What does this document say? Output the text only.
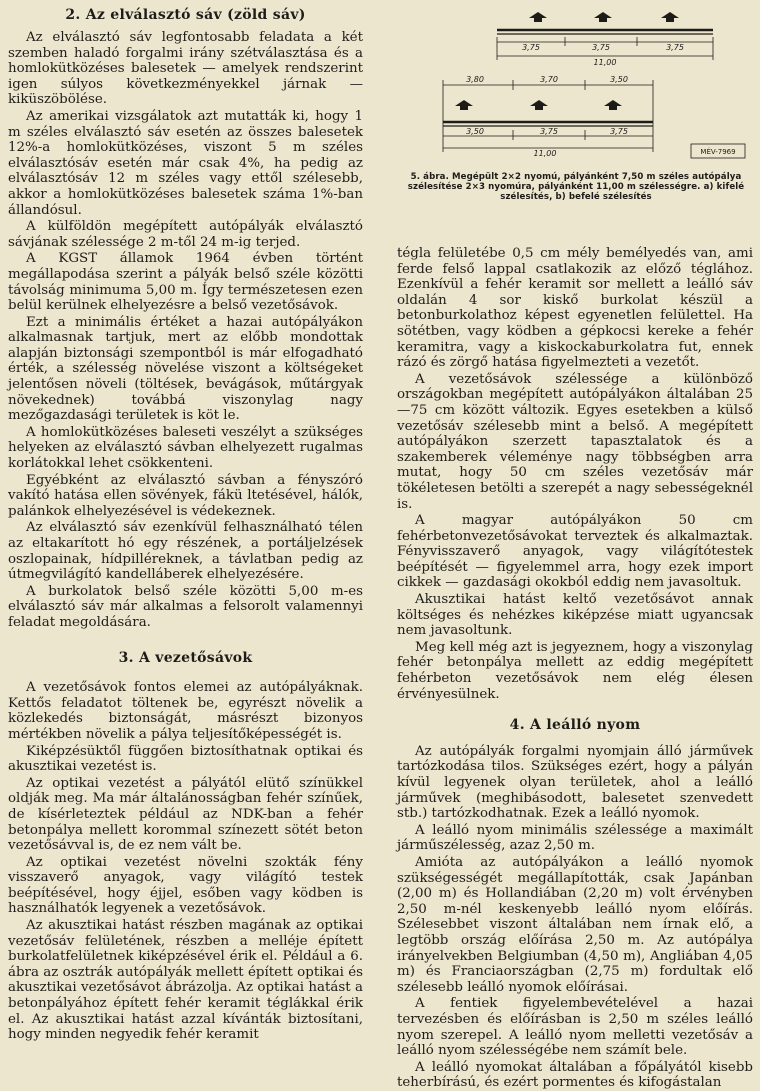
3,75	3,75	3,75
11,00
3,80	3,70	3,50
3,50	3,75	3,75
11,00	MÉV-7969
5. ábra. Megépült 2×2 nyomú, pályánként 7,50 m széles autópálya szélesítése 2×3 nyomúra, pályánként 11,00 m szélességre. a) kifelé szélesítés, b) befelé szélesítés
2. Az elválasztó sáv (zöld sáv)

Az elválasztó sáv legfontosabb feladata a két szemben haladó forgalmi irány szétválasztása és a homlokütközéses balesetek — amelyek rendszerint igen súlyos következményekkel járnak — kiküszöbölése.

Az amerikai vizsgálatok azt mutatták ki, hogy 1 m széles elválasztó sáv esetén az összes balesetek 12%-a homlokütközéses, viszont 5 m széles elválasztósáv esetén már csak 4%, ha pedig az elválasztósáv 12 m széles vagy ettől szélesebb, akkor a homlokütközéses balesetek száma 1%-ban állandósul.

A külföldön megépített autópályák elválasztó sávjának szélessége 2 m-től 24 m-ig terjed.

A KGST államok 1964 évben történt megállapodása szerint a pályák belső széle közötti távolság minimuma 5,00 m. Így természetesen ezen belül kerülnek elhelyezésre a belső vezetősávok.

Ezt a minimális értéket a hazai autópályákon alkalmasnak tartjuk, mert az előbb mondottak alapján biztonsági szempontból is már elfogadható érték, a szélesség növelése viszont a költségeket jelentősen növeli (töltések, bevágások, műtárgyak növekednek) továbbá viszonylag nagy mezőgazdasági területek is köt le.

A homlokütközéses baleseti veszélyt a szükséges helyeken az elválasztó sávban elhelyezett rugalmas korlátokkal lehet csökkenteni.

Egyébként az elválasztó sávban a fényszóró vakító hatása ellen sövények, fákü ltetésével, hálók, palánkok elhelyezésével is védekeznek.

Az elválasztó sáv ezenkívül felhasználható télen az eltakarított hó egy részének, a portáljelzések oszlopainak, hídpilléreknek, a távlatban pedig az útmegvilágító kandelláberek elhelyezésére.

A burkolatok belső széle közötti 5,00 m-es elválasztó sáv már alkalmas a felsorolt valamennyi feladat megoldására.

3. A vezetősávok

A vezetősávok fontos elemei az autópályáknak. Kettős feladatot töltenek be, egyrészt növelik a közlekedés biztonságát, másrészt bizonyos mértékben növelik a pálya teljesítőképességét is.

Kiképzésüktől függően biztosíthatnak optikai és akusztikai vezetést is.

Az optikai vezetést a pályától elütő színükkel oldják meg. Ma már általánosságban fehér színűek, de kísérleteztek például az NDK-ban a fehér betonpálya mellett korommal színezett sötét beton vezetősávval is, de ez nem vált be.

Az optikai vezetést növelni szokták fény visszaverő anyagok, vagy világító testek beépítésével, hogy éjjel, esőben vagy ködben is használhatók legyenek a vezetősávok.

Az akusztikai hatást részben magának az optikai vezetősáv felületének, részben a melléje épített burkolatfelületnek kiképzésével érik el. Például a 6. ábra az osztrák autópályák mellett épített optikai és akusztikai vezetősávot ábrázolja. Az optikai hatást a betonpályához épített fehér keramit téglákkal érik el. Az akusztikai hatást azzal kívánták biztosítani, hogy minden negyedik fehér keramit

tégla felületébe 0,5 cm mély bemélyedés van, ami ferde felső lappal csatlakozik az előző téglához. Ezenkívül a fehér keramit sor mellett a leálló sáv oldalán 4 sor kiskő burkolat készül a betonburkolathoz képest egyenetlen felülettel. Ha sötétben, vagy ködben a gépkocsi kereke a fehér keramitra, vagy a kiskockaburkolatra fut, ennek rázó és zörgő hatása figyelmezteti a vezetőt.

A vezetősávok szélessége a különböző országokban megépített autópályákon általában 25—75 cm között változik. Egyes esetekben a külső vezetősáv szélesebb mint a belső. A megépített autópályákon szerzett tapasztalatok és a szakemberek véleménye nagy többségben arra mutat, hogy 50 cm széles vezetősáv már tökéletesen betölti a szerepét a nagy sebességeknél is.

A magyar autópályákon 50 cm fehérbetonvezetősávokat terveztek és alkalmaztak. Fényvisszaverő anyagok, vagy világítótestek beépítését — figyelemmel arra, hogy ezek import cikkek — gazdasági okokból eddig nem javasoltuk.

Akusztikai hatást keltő vezetősávot annak költséges és nehézkes kiképzése miatt ugyancsak nem javasoltunk.

Meg kell még azt is jegyeznem, hogy a viszonylag fehér betonpálya mellett az eddig megépített fehérbeton vezetősávok nem elég élesen érvényesülnek.

4. A leálló nyom

Az autópályák forgalmi nyomjain álló járművek tartózkodása tilos. Szükséges ezért, hogy a pályán kívül legyenek olyan területek, ahol a leálló járművek (meghibásodott, balesetet szenvedett stb.) tartózkodhatnak. Ezek a leálló nyomok.

A leálló nyom minimális szélessége a maximált járműszélesség, azaz 2,50 m.

Amióta az autópályákon a leálló nyomok szükségességét megállapították, csak Japánban (2,00 m) és Hollandiában (2,20 m) volt érvényben 2,50 m-nél keskenyebb leálló nyom előírás. Szélesebbet viszont általában nem írnak elő, a legtöbb ország előírása 2,50 m. Az autópálya irányelvekben Belgiumban (4,50 m), Angliában 4,05 m) és Franciaországban (2,75 m) fordultak elő szélesebb leálló nyomok előírásai.

A fentiek figyelembevételével a hazai tervezésben és előírásban is 2,50 m széles leálló nyom szerepel. A leálló nyom melletti vezetősáv a leálló nyom szélességébe nem számít bele.

A leálló nyomokat általában a főpályától kisebb teherbírású, és ezért pormentes és kifogástalan
